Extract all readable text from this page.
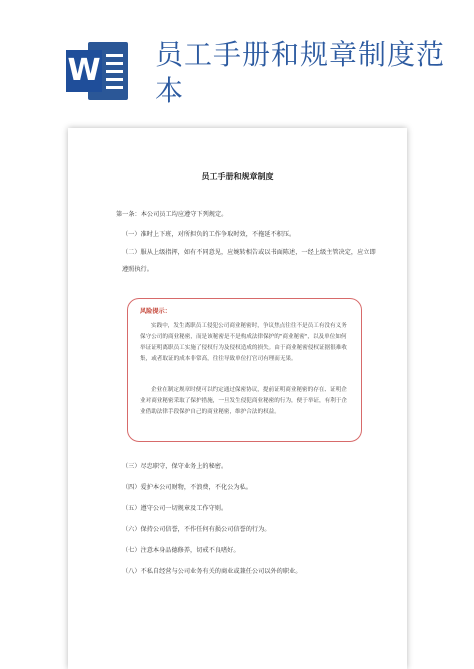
W 员工手册和规章制度范本
员工手册和规章制度
第一条：本公司员工均应遵守下列规定。
（一）准时上下班，对所担负的工作争取时效，不拖延不积压。
（二）服从上级指挥，如有不同意见，应婉转相告或以书面陈述，一经上级主管决定，应立即遵照执行。
风险提示：
实践中，发生离职员工侵犯公司商业秘密时，争议焦点往往不是员工有没有义务保守公司的商业秘密，而是该秘密是不是构成法律保护的"商业秘密"，以及单位如何举证证明离职员工实施了侵权行为及侵权造成的损失。由于商业秘密侵权证据很难收集，或者取证的成本非常高，往往导致单位打官司有理而无果。
企业在制定规章时便可以约定通过保密协议，提前证明商业秘密的存在、证明企业对商业秘密采取了保护措施，一旦发生侵犯商业秘密的行为，便于举证，有利于企业借助法律手段保护自己的商业秘密，维护合法的权益。
（三）尽忠职守，保守业务上的秘密。
（四）爱护本公司财物，不浪费，不化公为私。
（五）遵守公司一切规章及工作守则。
（六）保持公司信誉，不作任何有损公司信誉的行为。
（七）注意本身品德修养，切戒不良嗜好。
（八）不私自经营与公司业务有关的商业或兼任公司以外的职业。
